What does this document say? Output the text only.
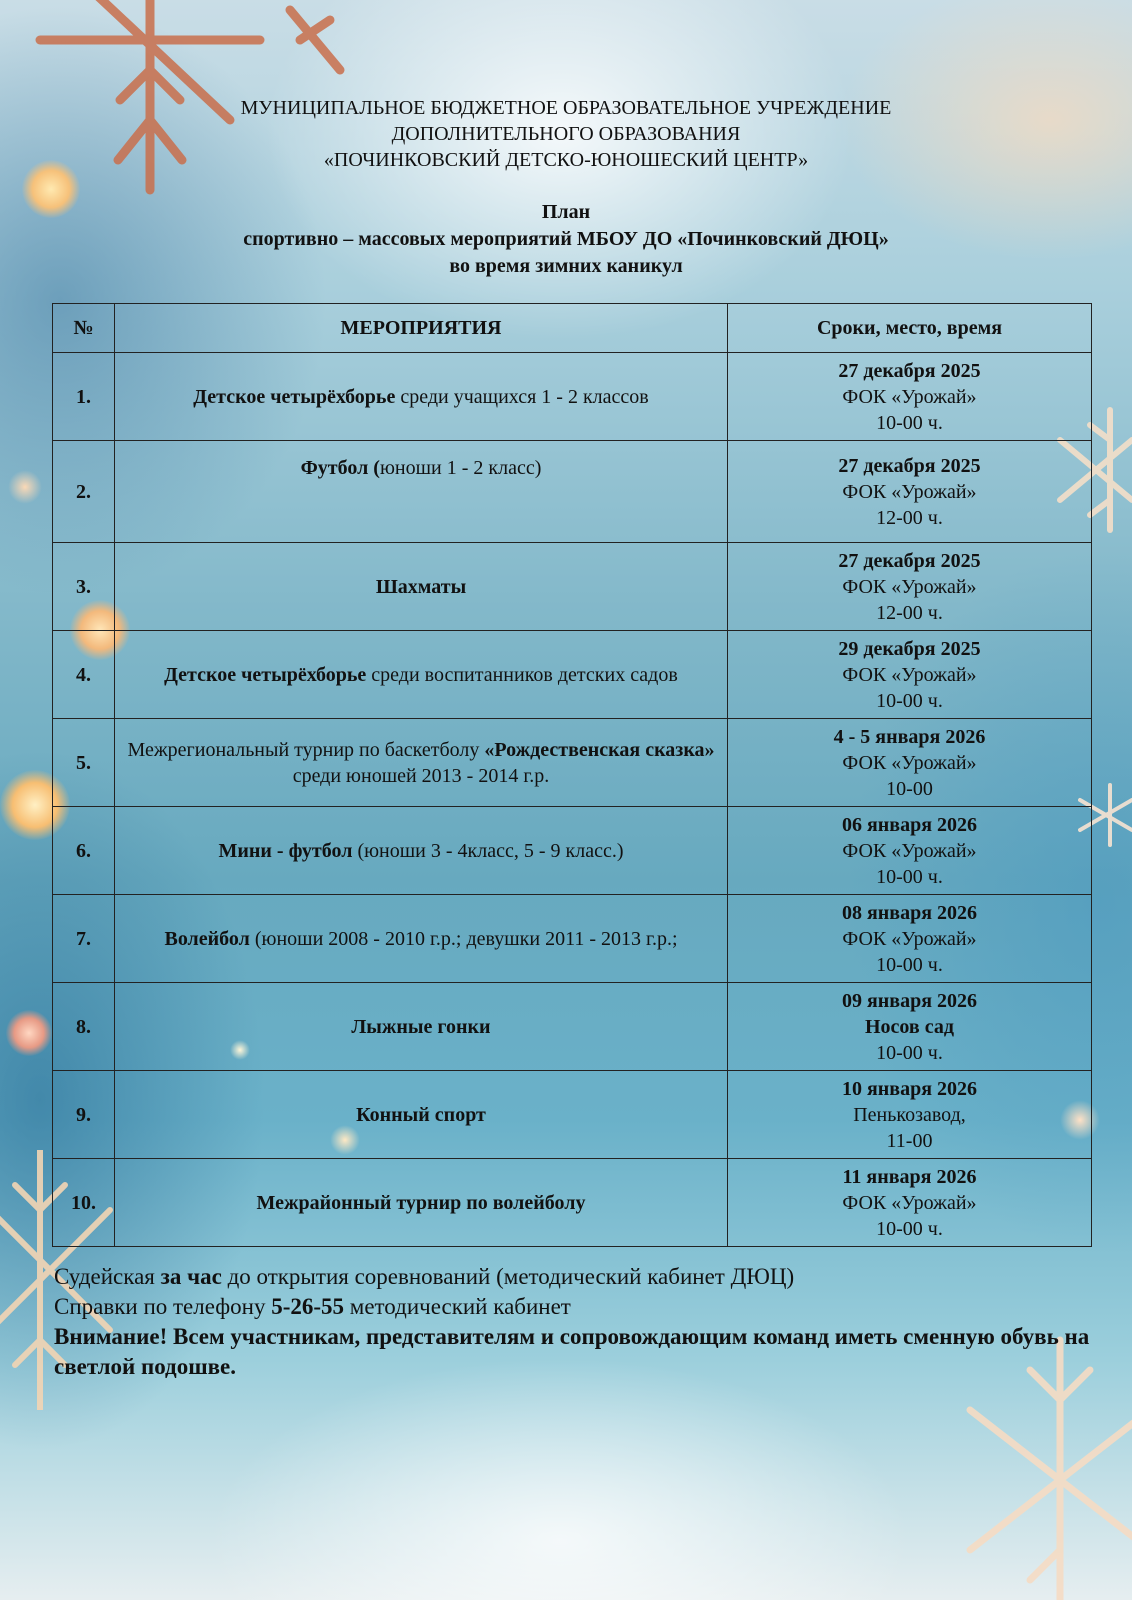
МУНИЦИПАЛЬНОЕ БЮДЖЕТНОЕ ОБРАЗОВАТЕЛЬНОЕ УЧРЕЖДЕНИЕ
ДОПОЛНИТЕЛЬНОГО ОБРАЗОВАНИЯ
«ПОЧИНКОВСКИЙ ДЕТСКО-ЮНОШЕСКИЙ ЦЕНТР»
План
спортивно – массовых мероприятий МБОУ ДО «Починковский ДЮЦ»
во время зимних каникул
№	МЕРОПРИЯТИЯ	Сроки, место, время
1.	Детское четырёхборье среди учащихся 1 - 2 классов	27 декабря 2025
ФОК «Урожай»
10-00 ч.

2.	Футбол (юноши 1 - 2 класс)	27 декабря 2025
ФОК «Урожай»
12-00 ч.

3.	Шахматы	27 декабря 2025
ФОК «Урожай»
12-00 ч.

4.	Детское четырёхборье среди воспитанников детских садов	29 декабря 2025
ФОК «Урожай»
10-00 ч.

5.	Межрегиональный турнир по баскетболу «Рождественская сказка» среди юношей 2013 - 2014 г.р.	4 - 5 января 2026
ФОК «Урожай»
10-00

6.	Мини - футбол (юноши 3 - 4класс, 5 - 9 класс.)	06 января 2026
ФОК «Урожай»
10-00 ч.

7.	Волейбол (юноши 2008 - 2010 г.р.; девушки 2011 - 2013 г.р.;	08 января 2026
ФОК «Урожай»
10-00 ч.

8.	Лыжные гонки	09 января 2026
Носов сад
10-00 ч.

9.	Конный спорт	10 января 2026
Пенькозавод,
11-00

10.	Межрайонный турнир по волейболу	11 января 2026
ФОК «Урожай»
10-00 ч.
Судейская за час до открытия соревнований (методический кабинет ДЮЦ)
Справки по телефону 5-26-55 методический кабинет
Внимание! Всем участникам, представителям и сопровождающим команд иметь сменную обувь на светлой подошве.
